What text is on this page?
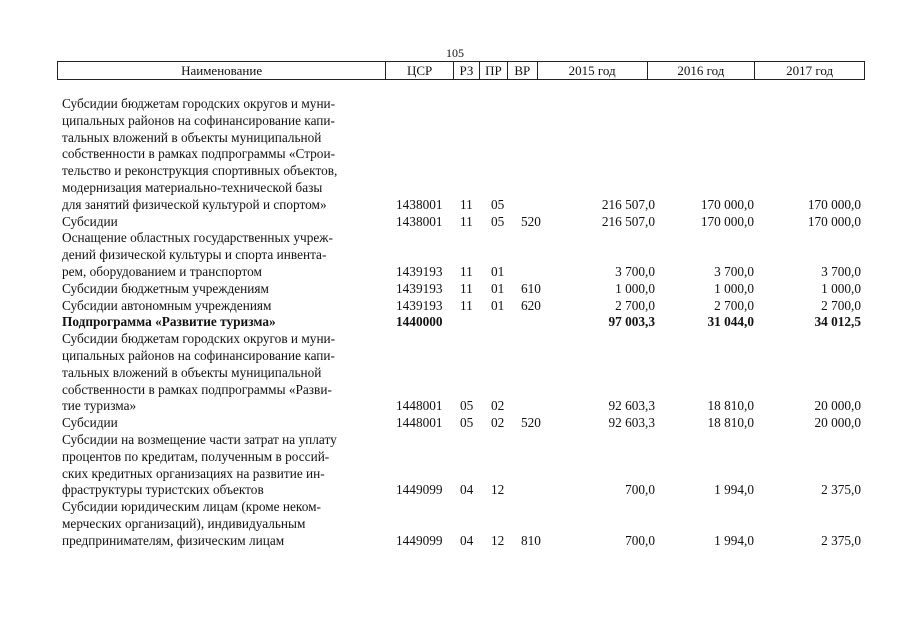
105
Наименование	ЦСР	РЗ ПР ВР	2015 год	2016 год	2017 год
Субсидии бюджетам городских округов и муни-
ципальных районов на софинансирование капи-
тальных вложений в объекты муниципальной
собственности в рамках подпрограммы «Строи-
тельство и реконструкция спортивных объектов,
модернизация материально-технической базы
для занятий физической культурой и спортом»	1438001 11 05	216 507,0	170 000,0	170 000,0
Субсидии	1438001 11 05 520	216 507,0	170 000,0	170 000,0
Оснащение областных государственных учреж-
дений физической культуры и спорта инвента-
рем, оборудованием и транспортом	1439193 11 01	3 700,0	3 700,0	3 700,0
Субсидии бюджетным учреждениям	1439193 11 01 610	1 000,0	1 000,0	1 000,0
Субсидии автономным учреждениям	1439193 11 01 620	2 700,0	2 700,0	2 700,0
Подпрограмма «Развитие туризма»	1440000	97 003,3	31 044,0	34 012,5
Субсидии бюджетам городских округов и муни-
ципальных районов на софинансирование капи-
тальных вложений в объекты муниципальной
собственности в рамках подпрограммы «Разви-
тие туризма»	1448001 05 02	92 603,3	18 810,0	20 000,0
Субсидии	1448001 05 02 520	92 603,3	18 810,0	20 000,0
Субсидии на возмещение части затрат на уплату
процентов по кредитам, полученным в россий-
ских кредитных организациях на развитие ин-
фраструктуры туристских объектов	1449099 04 12	700,0	1 994,0	2 375,0
Субсидии юридическим лицам (кроме неком-
мерческих организаций), индивидуальным
предпринимателям, физическим лицам	1449099 04 12 810	700,0	1 994,0	2 375,0
